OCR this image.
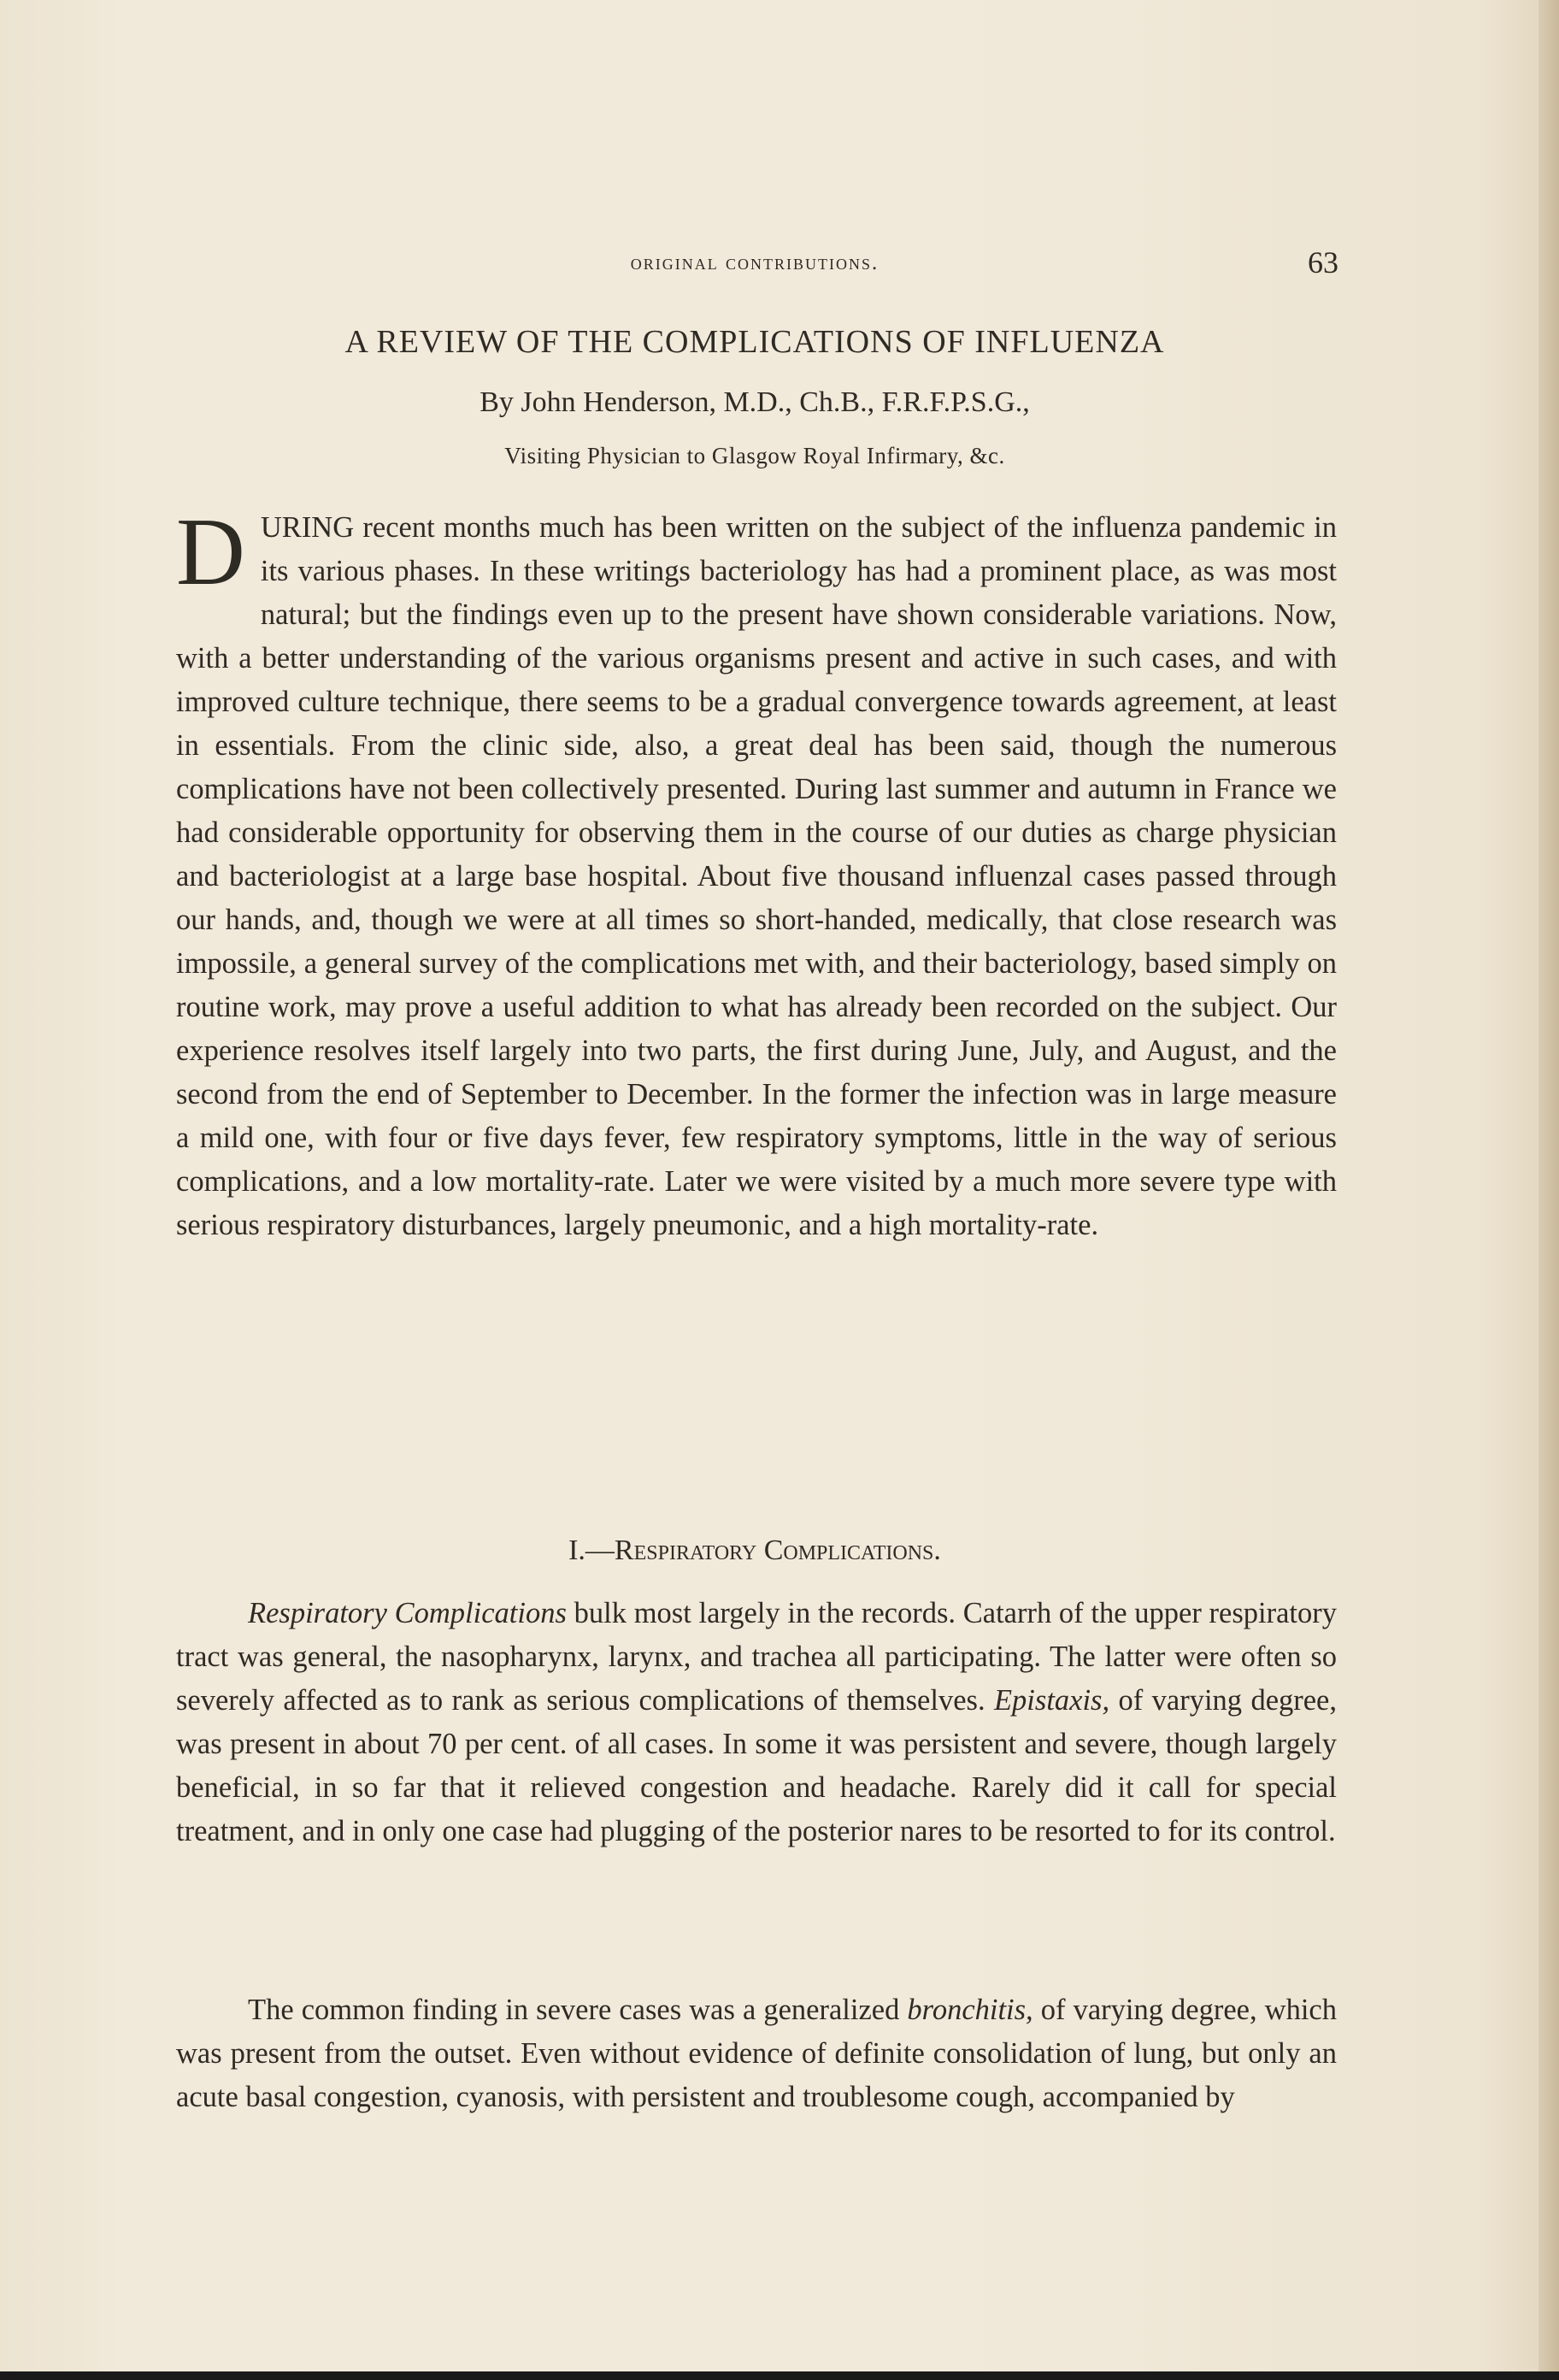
original contributions.	63
A REVIEW OF THE COMPLICATIONS OF INFLUENZA
By John Henderson, M.D., Ch.B., F.R.F.P.S.G.,
Visiting Physician to Glasgow Royal Infirmary, &c.

DURING recent months much has been written on the subject of the influenza pandemic in its various phases. In these writings bacteriology has had a prominent place, as was most natural; but the findings even up to the present have shown considerable variations. Now, with a better understanding of the various organisms present and active in such cases, and with improved culture technique, there seems to be a gradual convergence towards agreement, at least in essentials. From the clinic side, also, a great deal has been said, though the numerous complications have not been collectively presented. During last summer and autumn in France we had considerable opportunity for observing them in the course of our duties as charge physician and bacteriologist at a large base hospital. About five thousand influenzal cases passed through our hands, and, though we were at all times so short-handed, medically, that close research was impossile, a general survey of the complications met with, and their bacteriology, based simply on routine work, may prove a useful addition to what has already been recorded on the subject. Our experience resolves itself largely into two parts, the first during June, July, and August, and the second from the end of September to December. In the former the infection was in large measure a mild one, with four or five days fever, few respiratory symptoms, little in the way of serious complications, and a low mortality-rate. Later we were visited by a much more severe type with serious respiratory disturbances, largely pneumonic, and a high mortality-rate.

I.—Respiratory Complications.

Respiratory Complications bulk most largely in the records. Catarrh of the upper respiratory tract was general, the nasopharynx, larynx, and trachea all participating. The latter were often so severely affected as to rank as serious complications of themselves. Epistaxis, of varying degree, was present in about 70 per cent. of all cases. In some it was persistent and severe, though largely beneficial, in so far that it relieved congestion and headache. Rarely did it call for special treatment, and in only one case had plugging of the posterior nares to be resorted to for its control.

The common finding in severe cases was a generalized bronchitis, of varying degree, which was present from the outset. Even without evidence of definite consolidation of lung, but only an acute basal congestion, cyanosis, with persistent and troublesome cough, accompanied by
